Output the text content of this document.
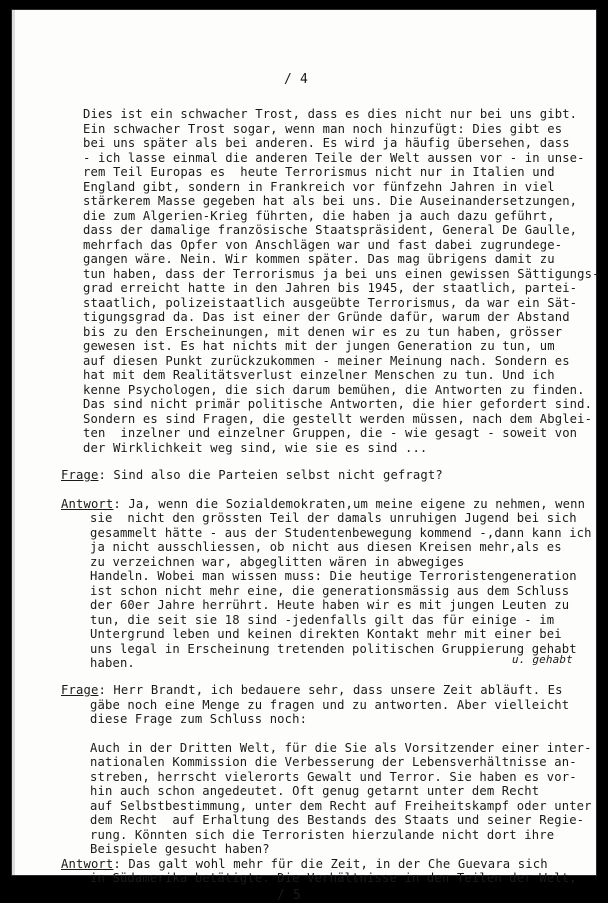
/ 4
Dies ist ein schwacher Trost, dass es dies nicht nur bei uns gibt.
Ein schwacher Trost sogar, wenn man noch hinzufügt: Dies gibt es
bei uns später als bei anderen. Es wird ja häufig übersehen, dass
- ich lasse einmal die anderen Teile der Welt aussen vor - in unse-
rem Teil Europas es  heute Terrorismus nicht nur in Italien und
England gibt, sondern in Frankreich vor fünfzehn Jahren in viel
stärkerem Masse gegeben hat als bei uns. Die Auseinandersetzungen,
die zum Algerien-Krieg führten, die haben ja auch dazu geführt,
dass der damalige französische Staatspräsident, General De Gaulle,
mehrfach das Opfer von Anschlägen war und fast dabei zugrundege-
gangen wäre. Nein. Wir kommen später. Das mag übrigens damit zu
tun haben, dass der Terrorismus ja bei uns einen gewissen Sättigungs-
grad erreicht hatte in den Jahren bis 1945, der staatlich, partei-
staatlich, polizeistaatlich ausgeübte Terrorismus, da war ein Sät-
tigungsgrad da. Das ist einer der Gründe dafür, warum der Abstand
bis zu den Erscheinungen, mit denen wir es zu tun haben, grösser
gewesen ist. Es hat nichts mit der jungen Generation zu tun, um
auf diesen Punkt zurückzukommen - meiner Meinung nach. Sondern es
hat mit dem Realitätsverlust einzelner Menschen zu tun. Und ich
kenne Psychologen, die sich darum bemühen, die Antworten zu finden.
Das sind nicht primär politische Antworten, die hier gefordert sind.
Sondern es sind Fragen, die gestellt werden müssen, nach dem Abglei-
ten  inzelner und einzelner Gruppen, die - wie gesagt - soweit von
der Wirklichkeit weg sind, wie sie es sind ...
Frage: Sind also die Parteien selbst nicht gefragt?
Antwort: Ja, wenn die Sozialdemokraten,um meine eigene zu nehmen, wenn
sie  nicht den grössten Teil der damals unruhigen Jugend bei sich
gesammelt hätte - aus der Studentenbewegung kommend -,dann kann ich
ja nicht ausschliessen, ob nicht aus diesen Kreisen mehr,als es
zu verzeichnen war, abgeglitten wären in abwegiges
Handeln. Wobei man wissen muss: Die heutige Terroristengeneration
ist schon nicht mehr eine, die generationsmässig aus dem Schluss
der 60er Jahre herrührt. Heute haben wir es mit jungen Leuten zu
tun, die seit sie 18 sind -jedenfalls gilt das für einige - im
Untergrund leben und keinen direkten Kontakt mehr mit einer bei
uns legal in Erscheinung tretenden politischen Gruppierung gehabt
haben.	u. gehabt
Frage: Herr Brandt, ich bedauere sehr, dass unsere Zeit abläuft. Es
gäbe noch eine Menge zu fragen und zu antworten. Aber vielleicht
diese Frage zum Schluss noch:
Auch in der Dritten Welt, für die Sie als Vorsitzender einer inter-
nationalen Kommission die Verbesserung der Lebensverhältnisse an-
streben, herrscht vielerorts Gewalt und Terror. Sie haben es vor-
hin auch schon angedeutet. Oft genug getarnt unter dem Recht
auf Selbstbestimmung, unter dem Recht auf Freiheitskampf oder unter
dem Recht  auf Erhaltung des Bestands des Staats und seiner Regie-
rung. Könnten sich die Terroristen hierzulande nicht dort ihre
Beispiele gesucht haben?
Antwort: Das galt wohl mehr für die Zeit, in der Che Guevara sich
in Südamerika betätigte. Die Verhältnisse in den Teilen der Welt,
/ 5
